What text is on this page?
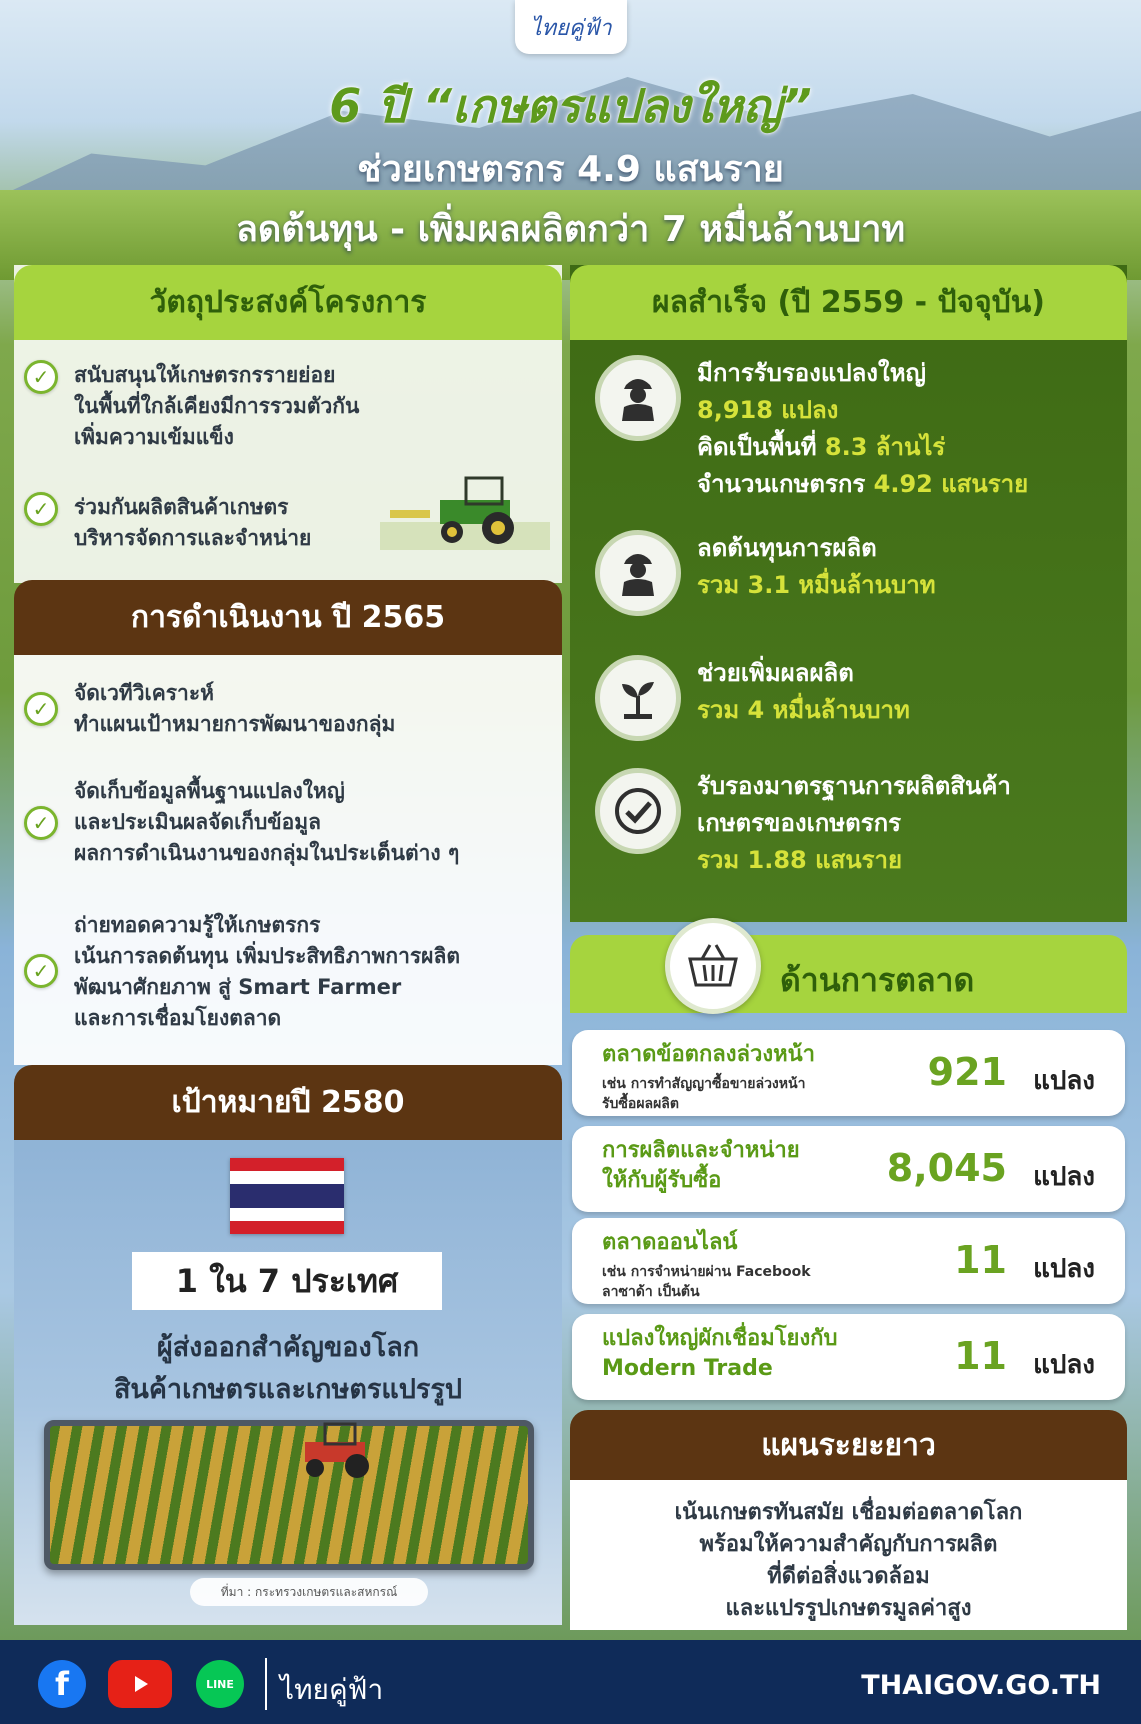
ไทยคู่ฟ้า
6 ปี “เกษตรแปลงใหญ่”
ช่วยเกษตรกร 4.9 แสนราย
ลดต้นทุน - เพิ่มผลผลิตกว่า 7 หมื่นล้านบาท
วัตถุประสงค์โครงการ
✓	สนับสนุนให้เกษตรกรรายย่อย
ในพื้นที่ใกล้เคียงมีการรวมตัวกัน
เพิ่มความเข้มแข็ง
✓	ร่วมกันผลิตสินค้าเกษตร
บริหารจัดการและจำหน่าย
การดำเนินงาน ปี 2565
✓
จัดเวทีวิเคราะห์
ทำแผนเป้าหมายการพัฒนาของกลุ่ม
✓
จัดเก็บข้อมูลพื้นฐานแปลงใหญ่
และประเมินผลจัดเก็บข้อมูล
ผลการดำเนินงานของกลุ่มในประเด็นต่าง ๆ
✓
ถ่ายทอดความรู้ให้เกษตรกร
เน้นการลดต้นทุน เพิ่มประสิทธิภาพการผลิต
พัฒนาศักยภาพ สู่ Smart Farmer
และการเชื่อมโยงตลาด
เป้าหมายปี 2580
1 ใน 7 ประเทศ
ผู้ส่งออกสำคัญของโลก
สินค้าเกษตรและเกษตรแปรรูป
ที่มา : กระทรวงเกษตรและสหกรณ์
ผลสำเร็จ (ปี 2559 - ปัจจุบัน)
มีการรับรองแปลงใหญ่
8,918 แปลง
คิดเป็นพื้นที่ 8.3 ล้านไร่
จำนวนเกษตรกร 4.92 แสนราย
ลดต้นทุนการผลิต
รวม 3.1 หมื่นล้านบาท
ช่วยเพิ่มผลผลิต
รวม 4 หมื่นล้านบาท
รับรองมาตรฐานการผลิตสินค้า
เกษตรของเกษตรกร
รวม 1.88 แสนราย
ด้านการตลาด
ตลาดข้อตกลงล่วงหน้า
เช่น การทำสัญญาซื้อขายล่วงหน้า
รับซื้อผลผลิต
921 แปลง
การผลิตและจำหน่าย
ให้กับผู้รับซื้อ	8,045 แปลง
ตลาดออนไลน์
เช่น การจำหน่ายผ่าน Facebook
ลาซาด้า เป็นต้น
11 แปลง
แปลงใหญ่ผักเชื่อมโยงกับ
Modern Trade	11 แปลง
แผนระยะยาว
เน้นเกษตรทันสมัย เชื่อมต่อตลาดโลก
พร้อมให้ความสำคัญกับการผลิต
ที่ดีต่อสิ่งแวดล้อม
และแปรรูปเกษตรมูลค่าสูง
f	LINE ไทยคู่ฟ้า	THAIGOV.GO.TH
